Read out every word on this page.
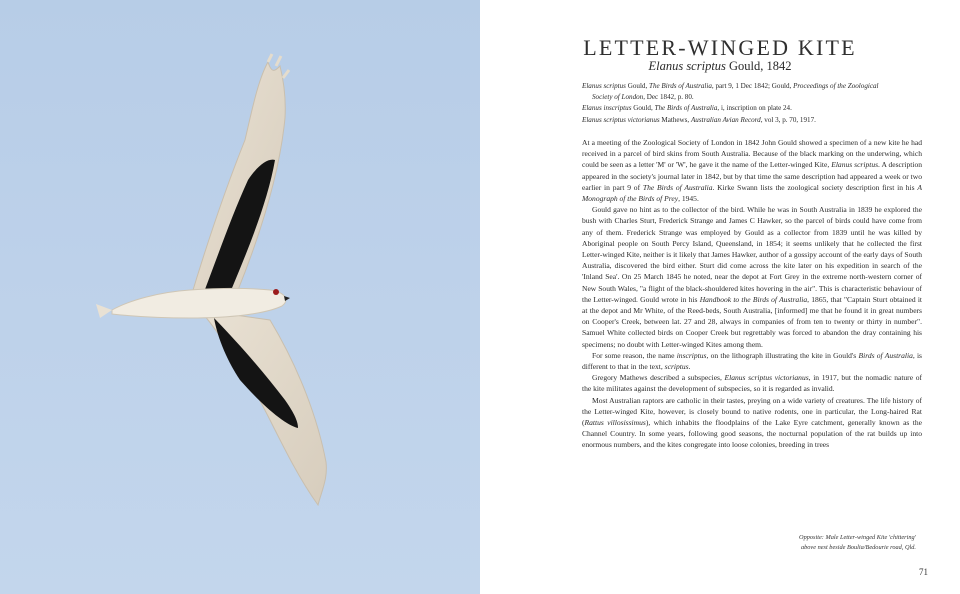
LETTER-WINGED KITE
Elanus scriptus Gould, 1842

Elanus scriptus Gould, The Birds of Australia, part 9, 1 Dec 1842; Gould, Proceedings of the Zoological Society of London, Dec 1842, p. 80.

Elanus inscriptus Gould, The Birds of Australia, i, inscription on plate 24.

Elanus scriptus victorianus Mathews, Australian Avian Record, vol 3, p. 70, 1917.

At a meeting of the Zoological Society of London in 1842 John Gould showed a specimen of a new kite he had received in a parcel of bird skins from South Australia. Because of the black marking on the underwing, which could be seen as a letter 'M' or 'W', he gave it the name of the Letter-winged Kite, Elanus scriptus. A description appeared in the society's journal later in 1842, but by that time the same description had appeared a week or two earlier in part 9 of The Birds of Australia. Kirke Swann lists the zoological society description first in his A Monograph of the Birds of Prey, 1945.

Gould gave no hint as to the collector of the bird. While he was in South Australia in 1839 he explored the bush with Charles Sturt, Frederick Strange and James C Hawker, so the parcel of birds could have come from any of them. Frederick Strange was employed by Gould as a collector from 1839 until he was killed by Aboriginal people on South Percy Island, Queensland, in 1854; it seems unlikely that he collected the first Letter-winged Kite, neither is it likely that James Hawker, author of a gossipy account of the early days of South Australia, discovered the bird either. Sturt did come across the kite later on his expedition in search of the 'Inland Sea'. On 25 March 1845 he noted, near the depot at Fort Grey in the extreme north-western corner of New South Wales, "a flight of the black-shouldered kites hovering in the air". This is characteristic behaviour of the Letter-winged. Gould wrote in his Handbook to the Birds of Australia, 1865, that "Captain Sturt obtained it at the depot and Mr White, of the Reed-beds, South Australia, [informed] me that he found it in great numbers on Cooper's Creek, between lat. 27 and 28, always in companies of from ten to twenty or thirty in number". Samuel White collected birds on Cooper Creek but regrettably was forced to abandon the dray containing his specimens; no doubt with Letter-winged Kites among them.

For some reason, the name inscriptus, on the lithograph illustrating the kite in Gould's Birds of Australia, is different to that in the text, scriptus.

Gregory Mathews described a subspecies, Elanus scriptus victorianus, in 1917, but the nomadic nature of the kite militates against the development of subspecies, so it is regarded as invalid.

Most Australian raptors are catholic in their tastes, preying on a wide variety of creatures. The life history of the Letter-winged Kite, however, is closely bound to native rodents, one in particular, the Long-haired Rat (Rattus villosissimus), which inhabits the floodplains of the Lake Eyre catchment, generally known as the Channel Country. In some years, following good seasons, the nocturnal population of the rat builds up into enormous numbers, and the kites congregate into loose colonies, breeding in trees

Opposite: Male Letter-winged Kite 'chittering'
above nest beside Boulia/Bedourie road, Qld.
71
